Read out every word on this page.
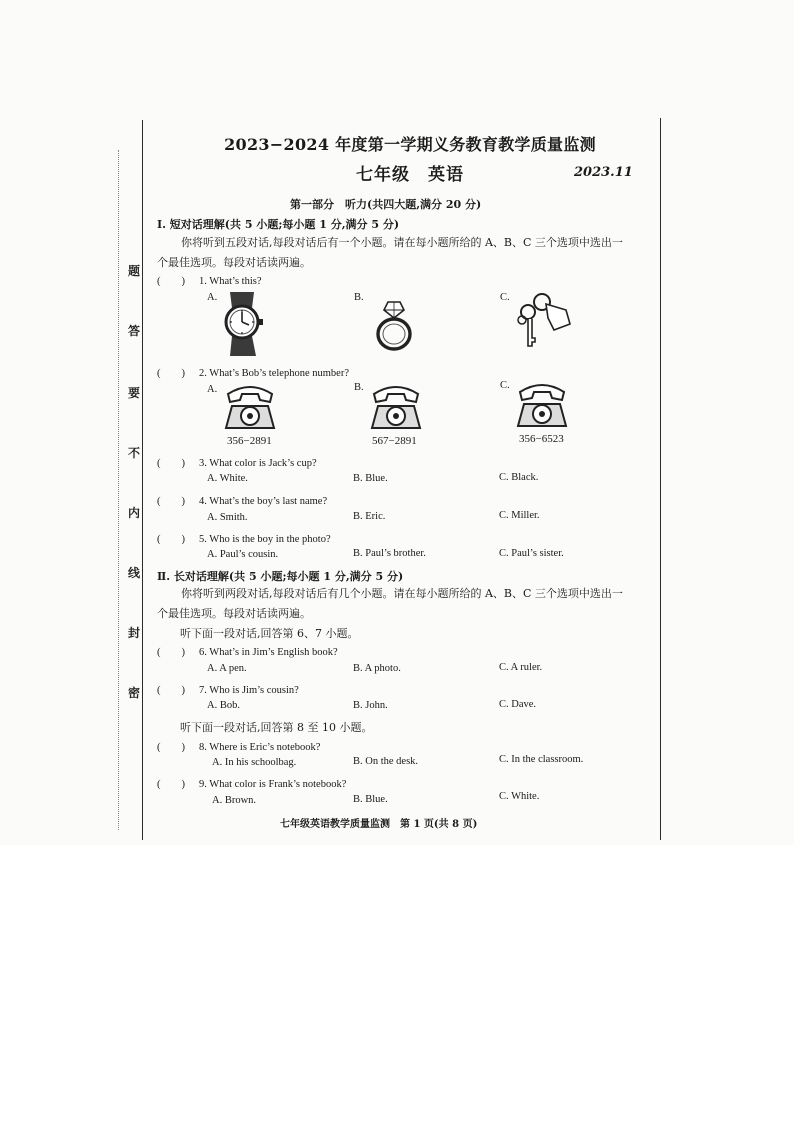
题
答
要
不
内
线
封
密
2023−2024 年度第一学期义务教育教学质量监测
七年级　英语	2023.11
第一部分　听力(共四大题,满分 20 分)
Ⅰ. 短对话理解(共 5 小题;每小题 1 分,满分 5 分)
你将听到五段对话,每段对话后有一个小题。请在每小题所给的 A、B、C 三个选项中选出一个最佳选项。每段对话读两遍。
(　　) 1. What’s this?
A.	B.	C.
(　　) 2. What’s Bob’s telephone number?
A.	B.	C.
356−2891	567−2891	356−6523
(　　) 3. What color is Jack’s cup?
A. White.	B. Blue.	C. Black.
(　　) 4. What’s the boy’s last name?
A. Smith.	B. Eric.	C. Miller.
(　　) 5. Who is the boy in the photo?
A. Paul’s cousin.	B. Paul’s brother.	C. Paul’s sister.
Ⅱ. 长对话理解(共 5 小题;每小题 1 分,满分 5 分)
你将听到两段对话,每段对话后有几个小题。请在每小题所给的 A、B、C 三个选项中选出一个最佳选项。每段对话读两遍。
听下面一段对话,回答第 6、7 小题。
(　　) 6. What’s in Jim’s English book?
A. A pen.	B. A photo.	C. A ruler.
(　　) 7. Who is Jim’s cousin?
A. Bob.	B. John.	C. Dave.
听下面一段对话,回答第 8 至 10 小题。
(　　) 8. Where is Eric’s notebook?
A. In his schoolbag.	B. On the desk.	C. In the classroom.
(　　) 9. What color is Frank’s notebook?
A. Brown.	B. Blue.	C. White.
七年级英语教学质量监测　第 1 页(共 8 页)
